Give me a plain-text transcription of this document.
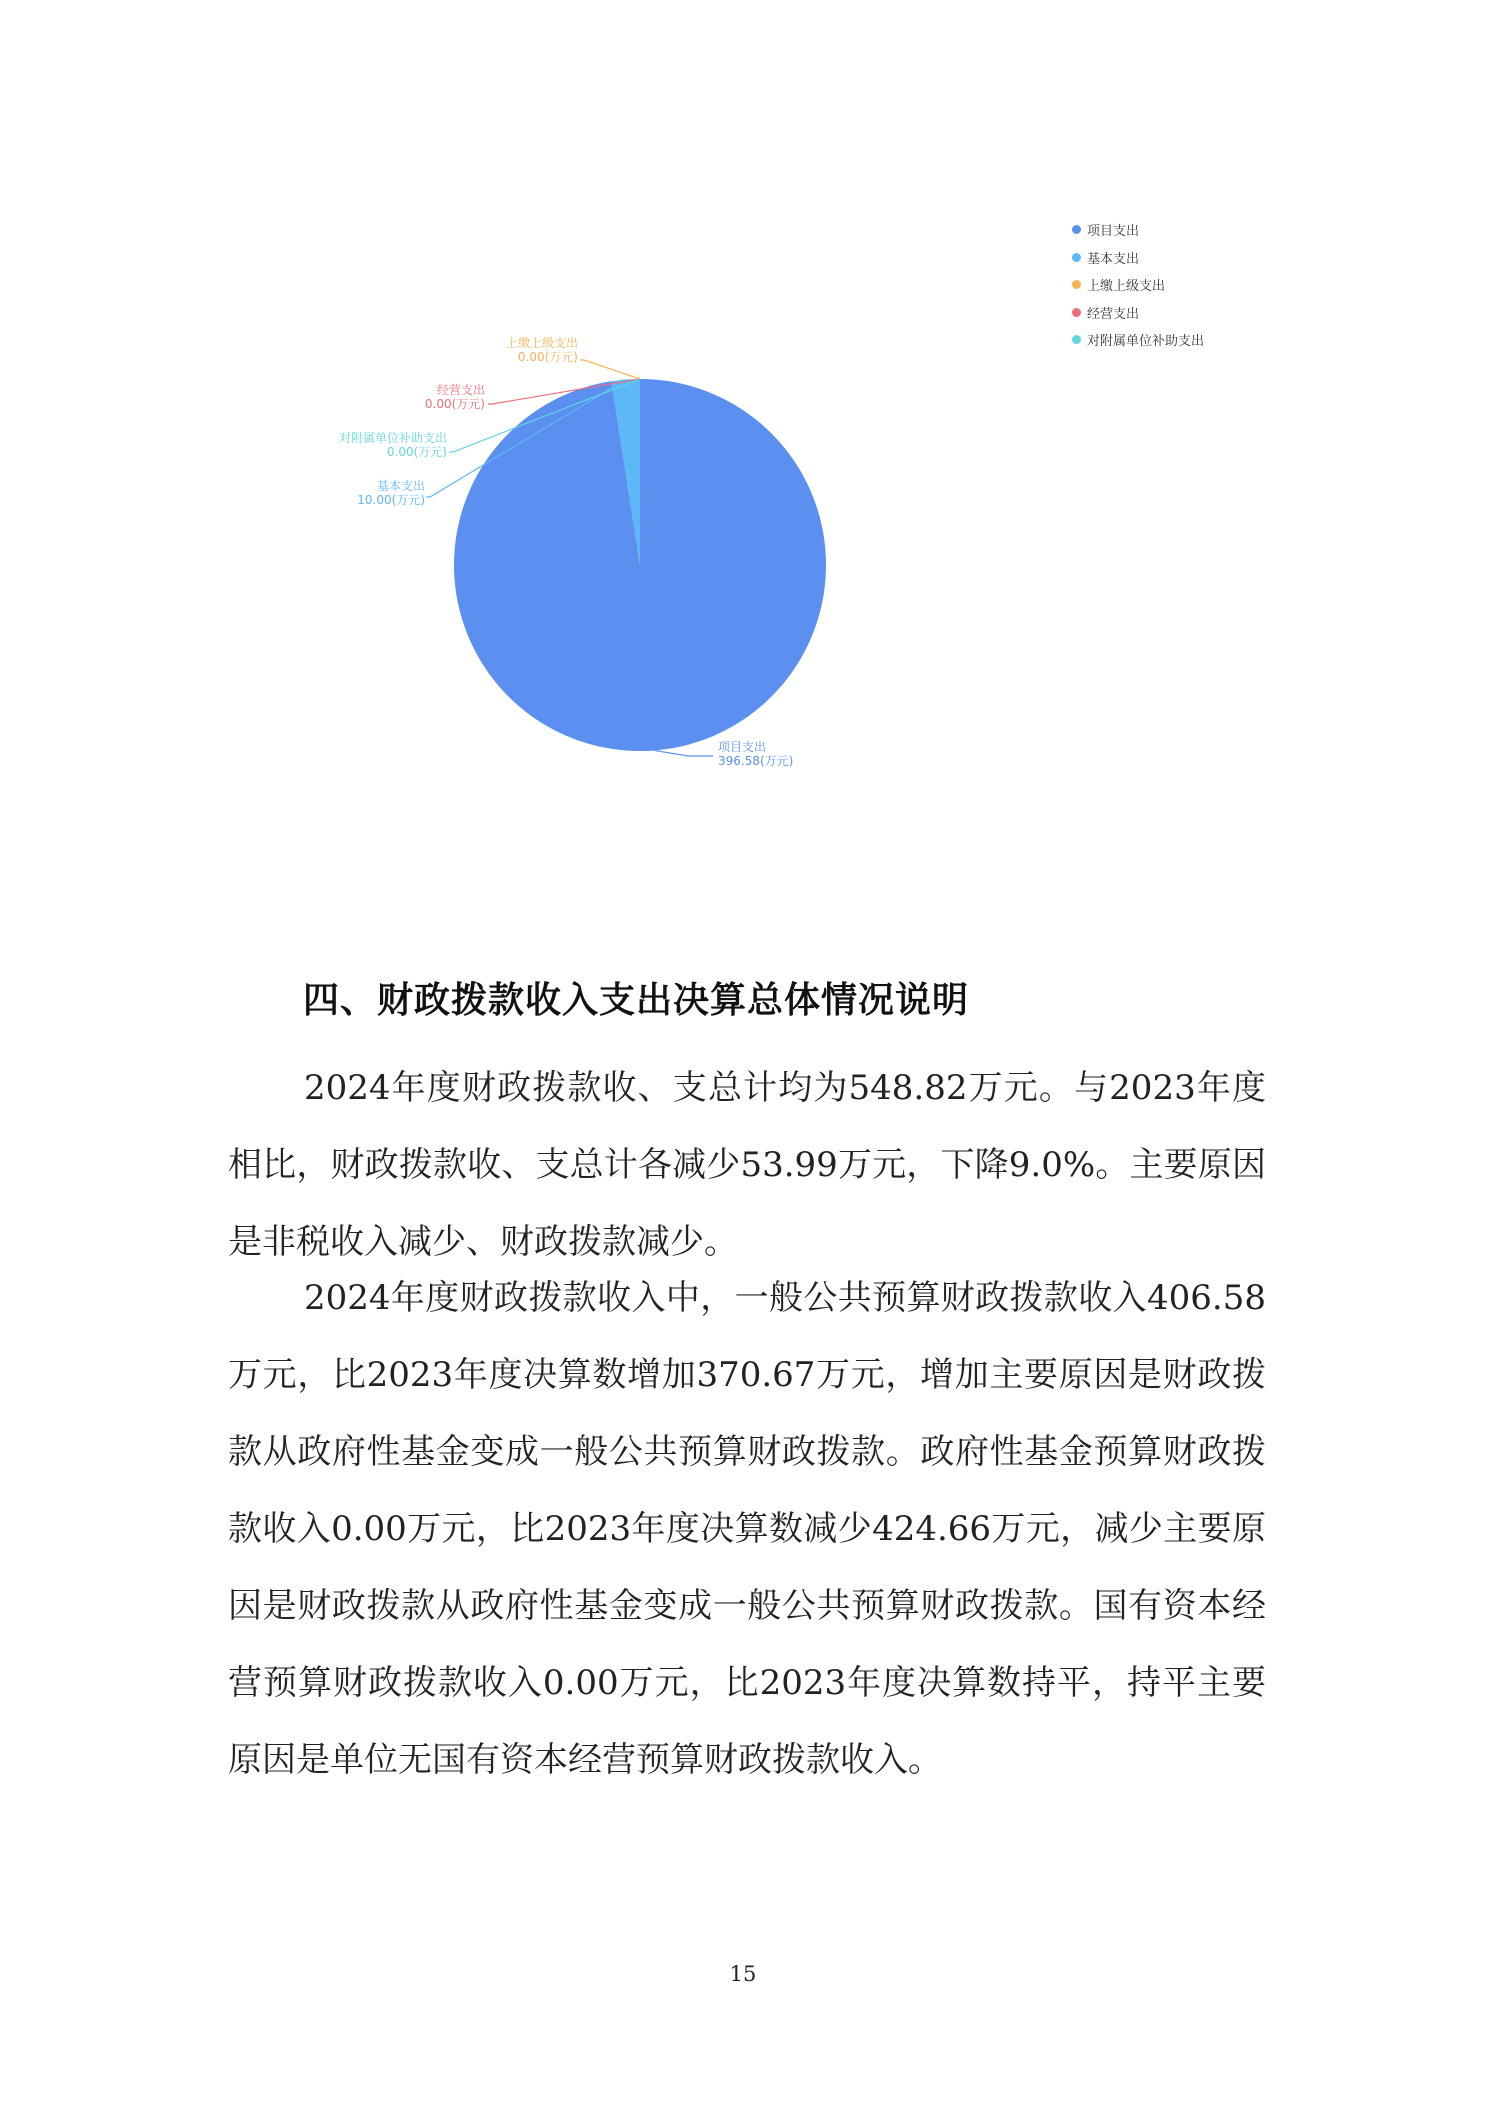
项目支出
396.58(万元)
基本支出
10.00(万元)
上缴上级支出
0.00(万元)
经营支出
0.00(万元)
对附属单位补助支出
0.00(万元)
项目支出
基本支出
上缴上级支出
经营支出
对附属单位补助支出
四、财政拨款收入支出决算总体情况说明

2024年度财政拨款收、支总计均为548.82万元。与2023年度相比，财政拨款收、支总计各减少53.99万元，下降9.0%。主要原因是非税收入减少、财政拨款减少。

2024年度财政拨款收入中，一般公共预算财政拨款收入406.58万元，比2023年度决算数增加370.67万元，增加主要原因是财政拨款从政府性基金变成一般公共预算财政拨款。政府性基金预算财政拨款收入0.00万元，比2023年度决算数减少424.66万元，减少主要原因是财政拨款从政府性基金变成一般公共预算财政拨款。国有资本经营预算财政拨款收入0.00万元，比2023年度决算数持平，持平主要原因是单位无国有资本经营预算财政拨款收入。

15
